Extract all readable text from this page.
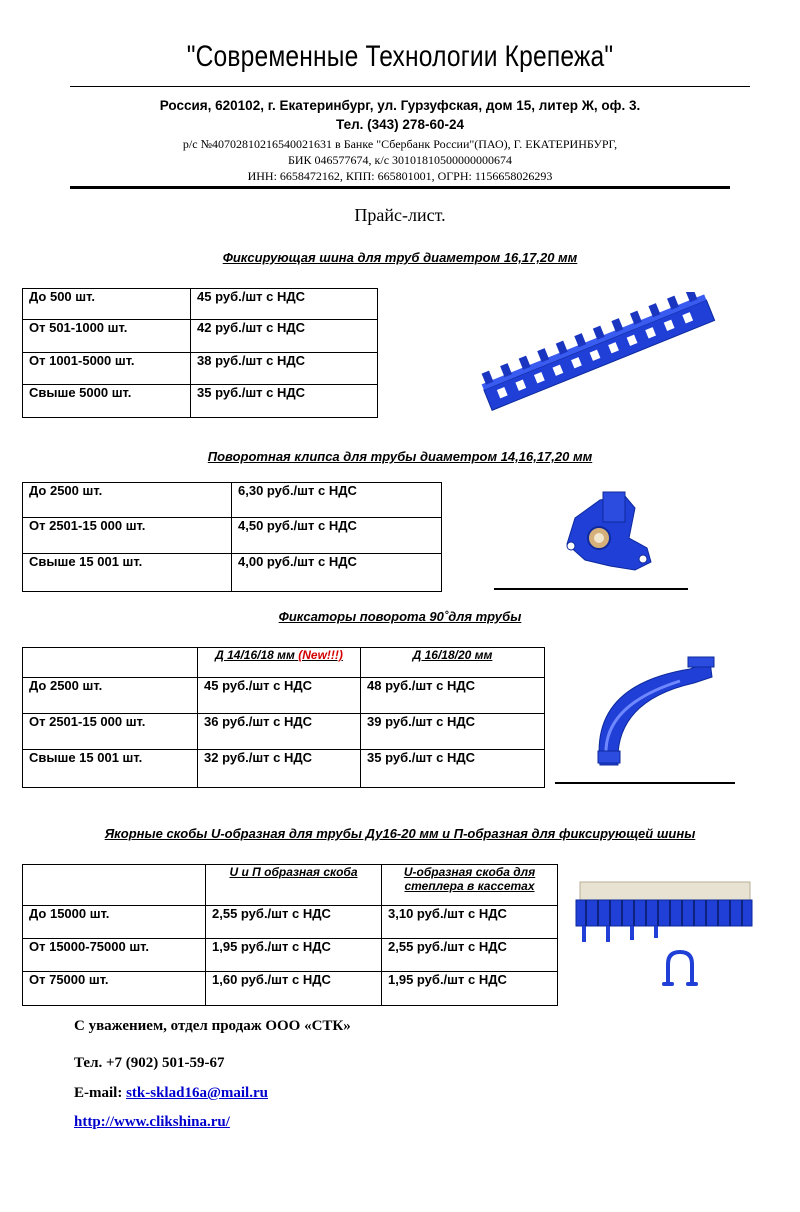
"Современные Технологии Крепежа"
Россия, 620102, г. Екатеринбург, ул. Гурзуфская, дом 15, литер Ж, оф. 3.
Тел. (343) 278-60-24
р/с №40702810216540021631 в Банке "Сбербанк России"(ПАО), Г. ЕКАТЕРИНБУРГ,
БИК 046577674, к/с 30101810500000000674
ИНН: 6658472162, КПП: 665801001, ОГРН: 1156658026293
Прайс-лист.
Фиксирующая шина для труб диаметром 16,17,20 мм
До 500 шт.	45 руб./шт с НДС
От 501-1000 шт.	42 руб./шт с НДС
От 1001-5000 шт.	38 руб./шт с НДС
Свыше 5000 шт.	35 руб./шт с НДС
Поворотная клипса для трубы диаметром 14,16,17,20 мм
До 2500 шт.	6,30 руб./шт с НДС
От 2501-15 000 шт.	4,50 руб./шт с НДС
Свыше 15 001 шт.	4,00 руб./шт с НДС
Фиксаторы поворота 90˚для трубы
	Д 14/16/18 мм (New!!!)	Д 16/18/20 мм
До 2500 шт.	45 руб./шт с НДС	48 руб./шт с НДС
От 2501-15 000 шт.	36 руб./шт с НДС	39 руб./шт с НДС
Свыше 15 001 шт.	32 руб./шт с НДС	35 руб./шт с НДС
Якорные скобы U-образная для трубы Ду16-20 мм и П-образная для фиксирующей шины
	U и П образная скоба	U-образная скоба для степлера в кассетах
До 15000 шт.	2,55 руб./шт с НДС	3,10 руб./шт с НДС
От 15000-75000 шт.	1,95 руб./шт с НДС	2,55 руб./шт с НДС
От 75000 шт.	1,60 руб./шт с НДС	1,95 руб./шт с НДС
С уважением, отдел продаж ООО «СТК»
Тел. +7 (902) 501-59-67
E-mail: stk-sklad16a@mail.ru
http://www.clikshina.ru/
